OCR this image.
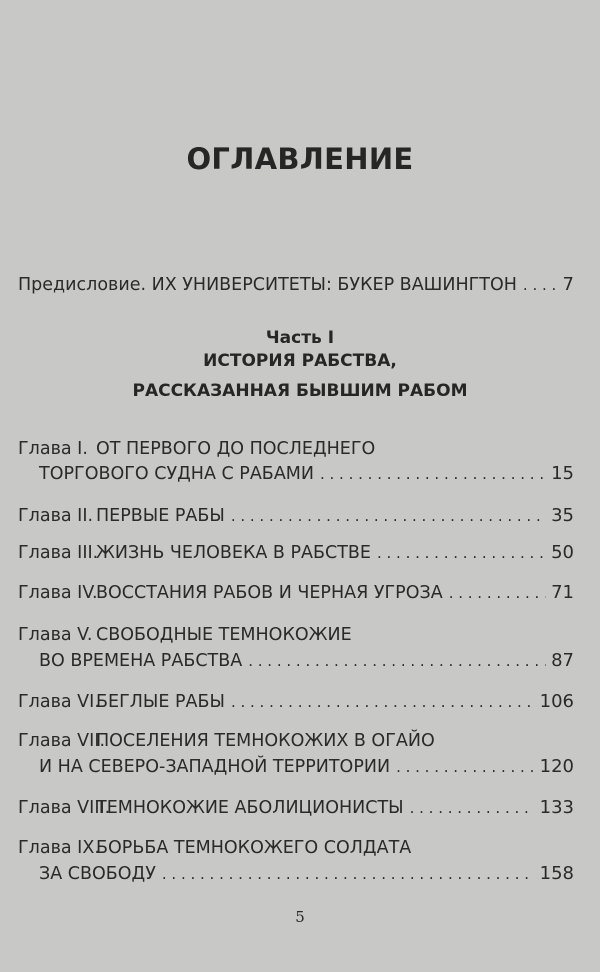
ОГЛАВЛЕНИЕ
Предисловие. ИХ УНИВЕРСИТЕТЫ: БУКЕР ВАШИНГТОН . . .	7
Часть I
ИСТОРИЯ РАБСТВА,
РАССКАЗАННАЯ БЫВШИМ РАБОМ
Глава I. ОТ ПЕРВОГО ДО ПОСЛЕДНЕГО
ТОРГОВОГО СУДНА С РАБАМИ . . .	15
Глава II. ПЕРВЫЕ РАБЫ . . .	35
Глава III.
ЖИЗНЬ ЧЕЛОВЕКА В РАБСТВЕ . . .	50
Глава IV.
ВОССТАНИЯ РАБОВ И ЧЕРНАЯ УГРОЗА . . .	71
Глава V. СВОБОДНЫЕ ТЕМНОКОЖИЕ
ВО ВРЕМЕНА РАБСТВА . . .	87
Глава VI.
БЕГЛЫЕ РАБЫ . . .	106
Глава VII.
ПОСЕЛЕНИЯ ТЕМНОКОЖИХ В ОГАЙО
И НА СЕВЕРО-ЗАПАДНОЙ ТЕРРИТОРИИ . . .	120
Глава VIII.
ТЕМНОКОЖИЕ АБОЛИЦИОНИСТЫ . . .	133
Глава IX.
БОРЬБА ТЕМНОКОЖЕГО СОЛДАТА
ЗА СВОБОДУ . . .	158
5
